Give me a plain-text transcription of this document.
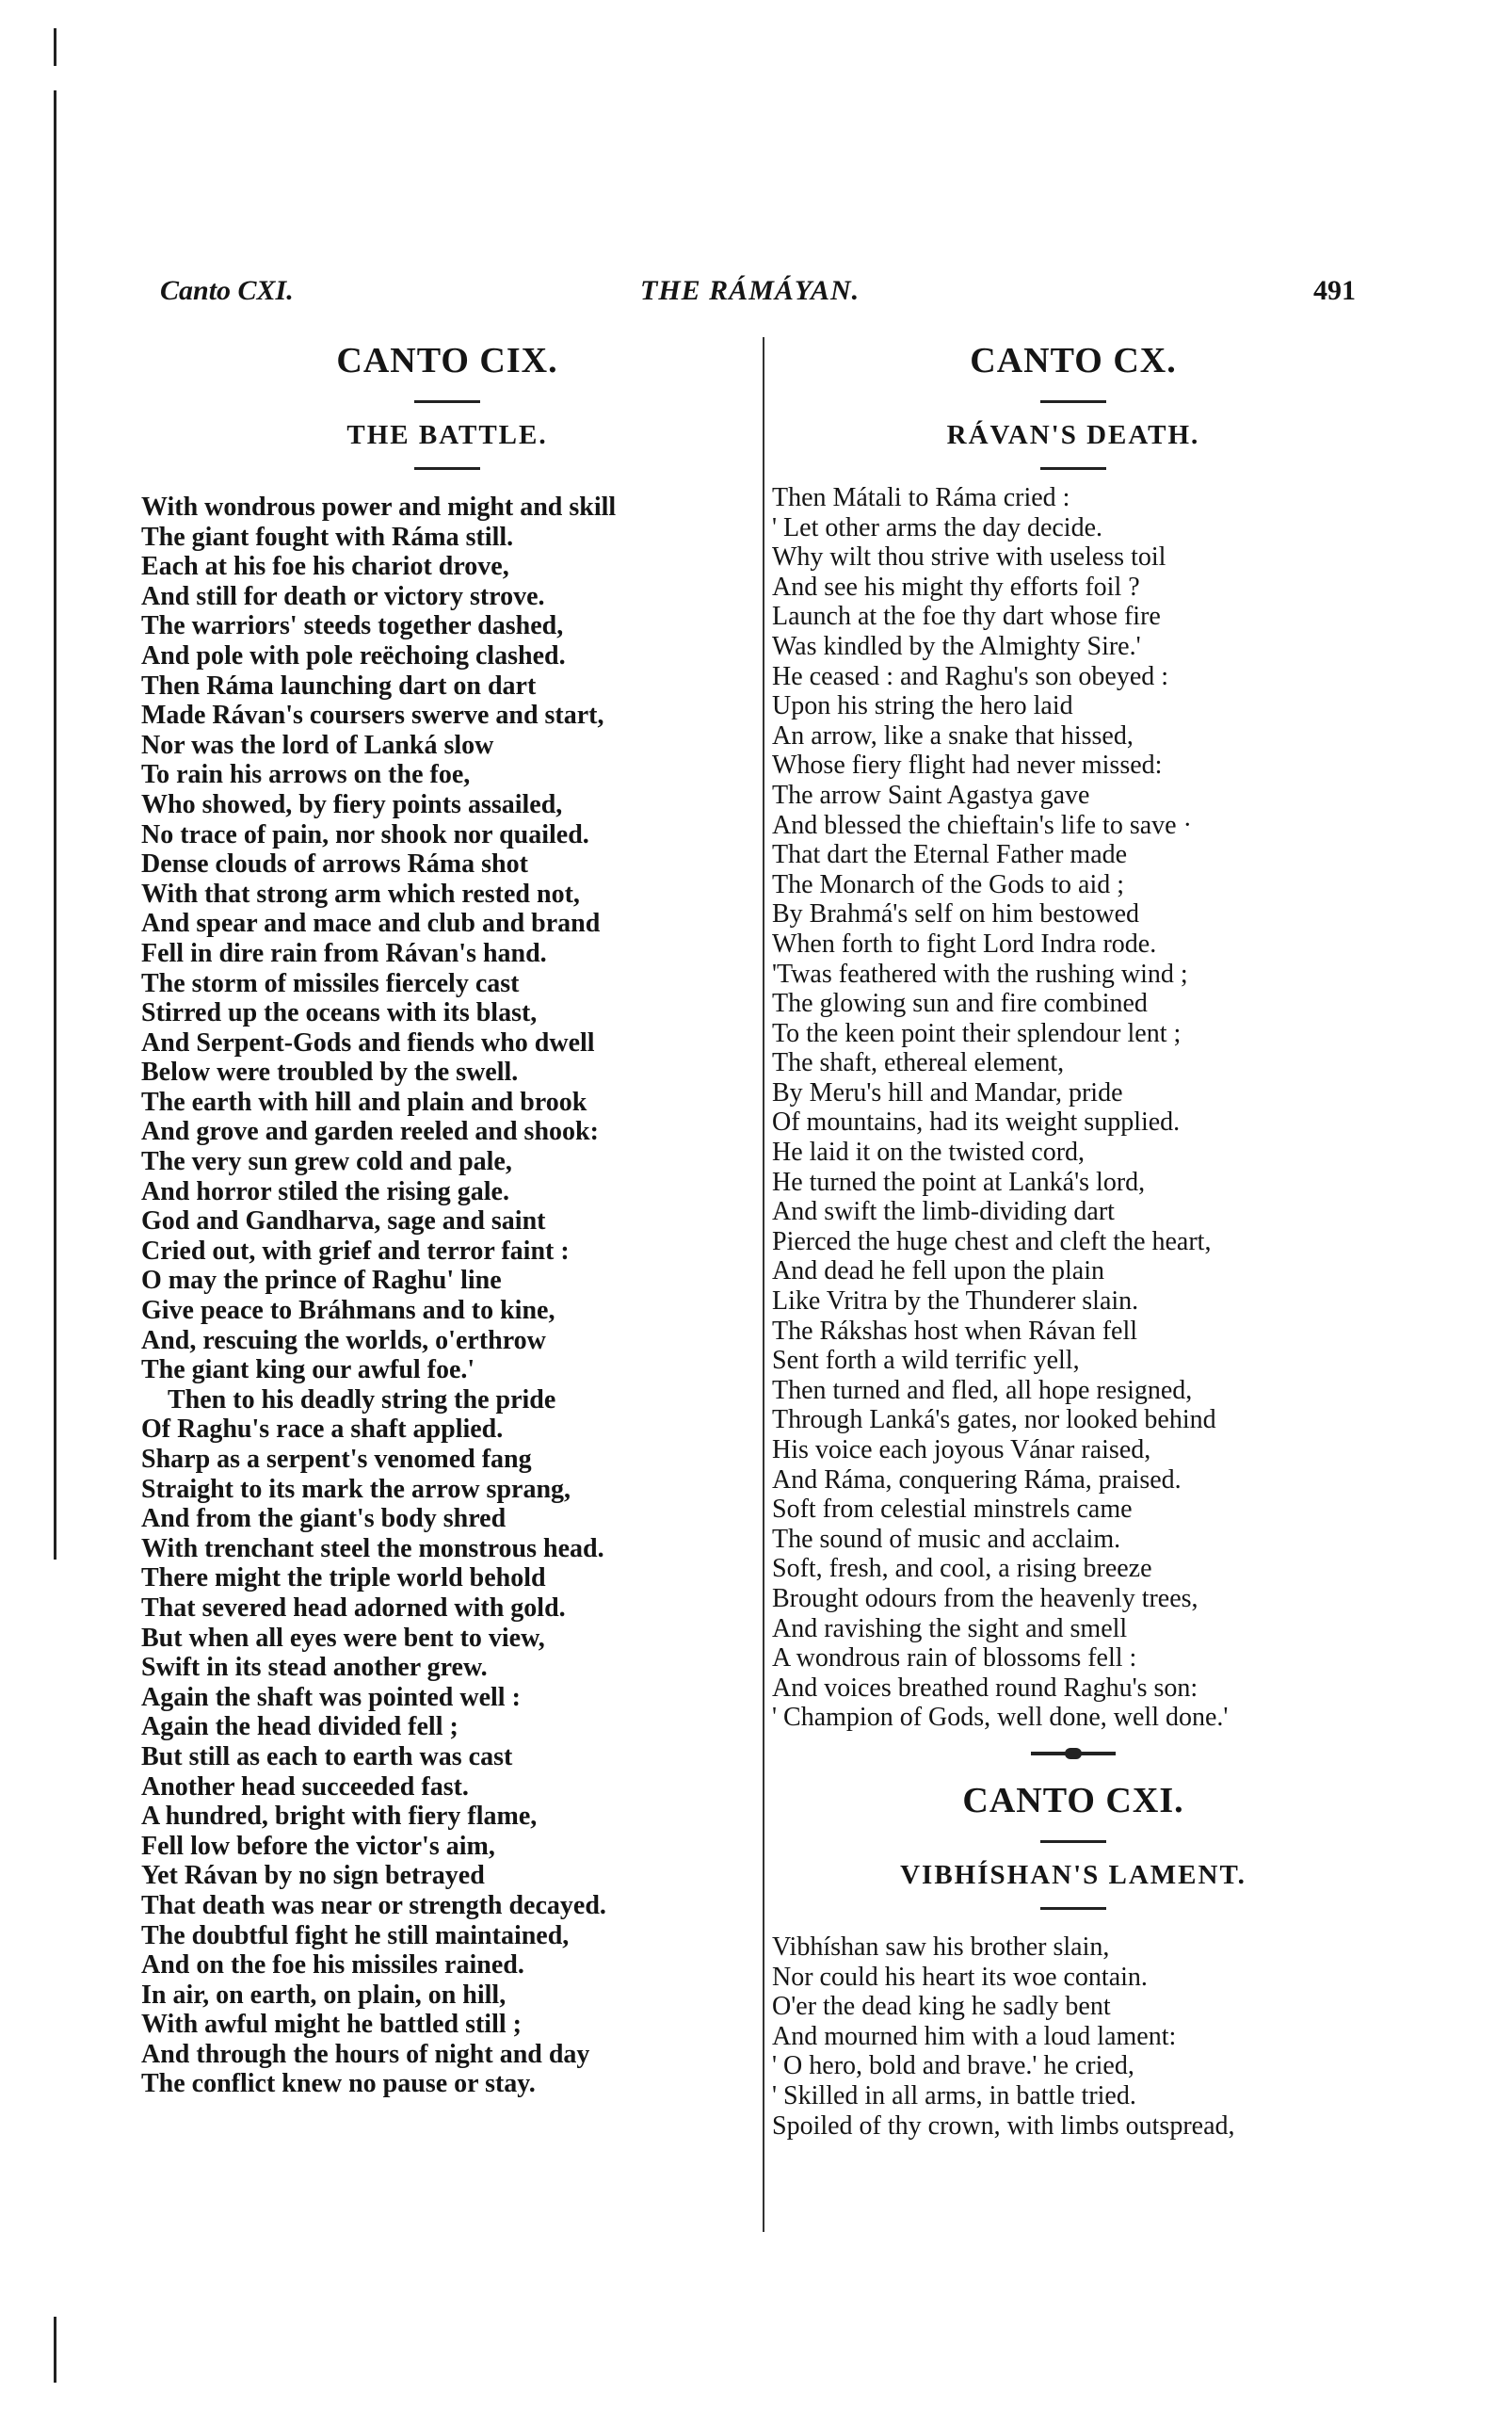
Canto CXI.	THE RÁMÁYAN.	491
CANTO CIX.
THE BATTLE.
With wondrous power and might and skill
The giant fought with Ráma still.
Each at his foe his chariot drove,
And still for death or victory strove.
The warriors' steeds together dashed,
And pole with pole reëchoing clashed.
Then Ráma launching dart on dart
Made Rávan's coursers swerve and start,
Nor was the lord of Lanká slow
To rain his arrows on the foe,
Who showed, by fiery points assailed,
No trace of pain, nor shook nor quailed.
Dense clouds of arrows Ráma shot
With that strong arm which rested not,
And spear and mace and club and brand
Fell in dire rain from Rávan's hand.
The storm of missiles fiercely cast
Stirred up the oceans with its blast,
And Serpent-Gods and fiends who dwell
Below were troubled by the swell.
The earth with hill and plain and brook
And grove and garden reeled and shook:
The very sun grew cold and pale,
And horror stiled the rising gale.
God and Gandharva, sage and saint
Cried out, with grief and terror faint :
O may the prince of Raghu' line
Give peace to Bráhmans and to kine,
And, rescuing the worlds, o'erthrow
The giant king our awful foe.'
Then to his deadly string the pride
Of Raghu's race a shaft applied.
Sharp as a serpent's venomed fang
Straight to its mark the arrow sprang,
And from the giant's body shred
With trenchant steel the monstrous head.
There might the triple world behold
That severed head adorned with gold.
But when all eyes were bent to view,
Swift in its stead another grew.
Again the shaft was pointed well :
Again the head divided fell ;
But still as each to earth was cast
Another head succeeded fast.
A hundred, bright with fiery flame,
Fell low before the victor's aim,
Yet Rávan by no sign betrayed
That death was near or strength decayed.
The doubtful fight he still maintained,
And on the foe his missiles rained.
In air, on earth, on plain, on hill,
With awful might he battled still ;
And through the hours of night and day
The conflict knew no pause or stay.
CANTO CX.
RÁVAN'S DEATH.
Then Mátali to Ráma cried :
' Let other arms the day decide.
Why wilt thou strive with useless toil
And see his might thy efforts foil ?
Launch at the foe thy dart whose fire
Was kindled by the Almighty Sire.'
He ceased : and Raghu's son obeyed :
Upon his string the hero laid
An arrow, like a snake that hissed,
Whose fiery flight had never missed:
The arrow Saint Agastya gave
And blessed the chieftain's life to save ·
That dart the Eternal Father made
The Monarch of the Gods to aid ;
By Brahmá's self on him bestowed
When forth to fight Lord Indra rode.
'Twas feathered with the rushing wind ;
The glowing sun and fire combined
To the keen point their splendour lent ;
The shaft, ethereal element,
By Meru's hill and Mandar, pride
Of mountains, had its weight supplied.
He laid it on the twisted cord,
He turned the point at Lanká's lord,
And swift the limb-dividing dart
Pierced the huge chest and cleft the heart,
And dead he fell upon the plain
Like Vritra by the Thunderer slain.
The Rákshas host when Rávan fell
Sent forth a wild terrific yell,
Then turned and fled, all hope resigned,
Through Lanká's gates, nor looked behind
His voice each joyous Vánar raised,
And Ráma, conquering Ráma, praised.
Soft from celestial minstrels came
The sound of music and acclaim.
Soft, fresh, and cool, a rising breeze
Brought odours from the heavenly trees,
And ravishing the sight and smell
A wondrous rain of blossoms fell :
And voices breathed round Raghu's son:
' Champion of Gods, well done, well done.'
CANTO CXI.
VIBHÍSHAN'S LAMENT.
Vibhíshan saw his brother slain,
Nor could his heart its woe contain.
O'er the dead king he sadly bent
And mourned him with a loud lament:
' O hero, bold and brave.' he cried,
' Skilled in all arms, in battle tried.
Spoiled of thy crown, with limbs outspread,
